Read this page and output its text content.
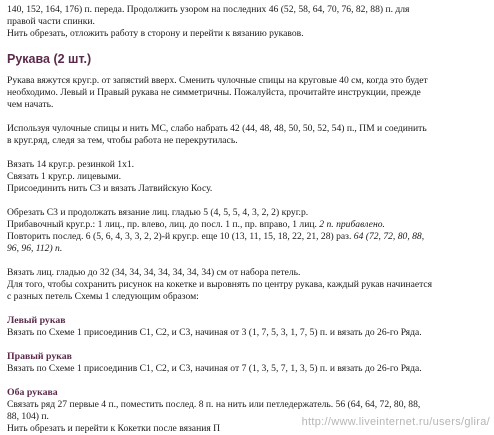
140, 152, 164, 176) п. переда. Продолжить узором на последних 46 (52, 58, 64, 70, 76, 82, 88) п. для

правой части спинки.

Нить обрезать, отложить работу в сторону и перейти к вязанию рукавов.

Рукава (2 шт.)

Рукава вяжутся круг.р. от запястий вверх. Сменить чулочные спицы на круговые 40 см, когда это будет

необходимо. Левый и Правый рукава не симметричны. Пожалуйста, прочитайте инструкции, прежде

чем начать.

Используя чулочные спицы и нить МС, слабо набрать 42 (44, 48, 48, 50, 50, 52, 54) п., ПМ и соединить

в круг.ряд, следя за тем, чтобы работа не перекрутилась.

Вязать 14 круг.р. резинкой 1х1.

Связать 1 круг.р. лицевыми.

Присоединить нить С3 и вязать Латвийскую Косу.

Обрезать С3 и продолжать вязание лиц. гладью 5 (4, 5, 5, 4, 3, 2, 2) круг.р.

Прибавочный круг.р.: 1 лиц., пр. влево, лиц. до посл. 1 п., пр. вправо, 1 лиц. 2 п. прибавлено.

Повторить послед. 6 (5, 6, 4, 3, 3, 2, 2)-й круг.р. еще 10 (13, 11, 15, 18, 22, 21, 28) раз. 64 (72, 72, 80, 88,

96, 96, 112) п.

Вязать лиц. гладью до 32 (34, 34, 34, 34, 34, 34, 34) см от набора петель.

Для того, чтобы сохранить рисунок на кокетке и выровнять по центру рукава, каждый рукав начинается

с разных петель Схемы 1 следующим образом:

Левый рукав

Вязать по Схеме 1 присоединив С1, С2, и С3, начиная от 3 (1, 7, 5, 3, 1, 7, 5) п. и вязать до 26-го Ряда.

Правый рукав

Вязать по Схеме 1 присоединив С1, С2, и С3, начиная от 7 (1, 3, 5, 7, 1, 3, 5) п. и вязать до 26-го Ряда.

Оба рукава

Связать ряд 27 первые 4 п., поместить послед. 8 п. на нить или петледержатель. 56 (64, 64, 72, 80, 88,

88, 104) п.

Нить обрезать и перейти к Кокетки после вязания П

http://www.liveinternet.ru/users/glira/
